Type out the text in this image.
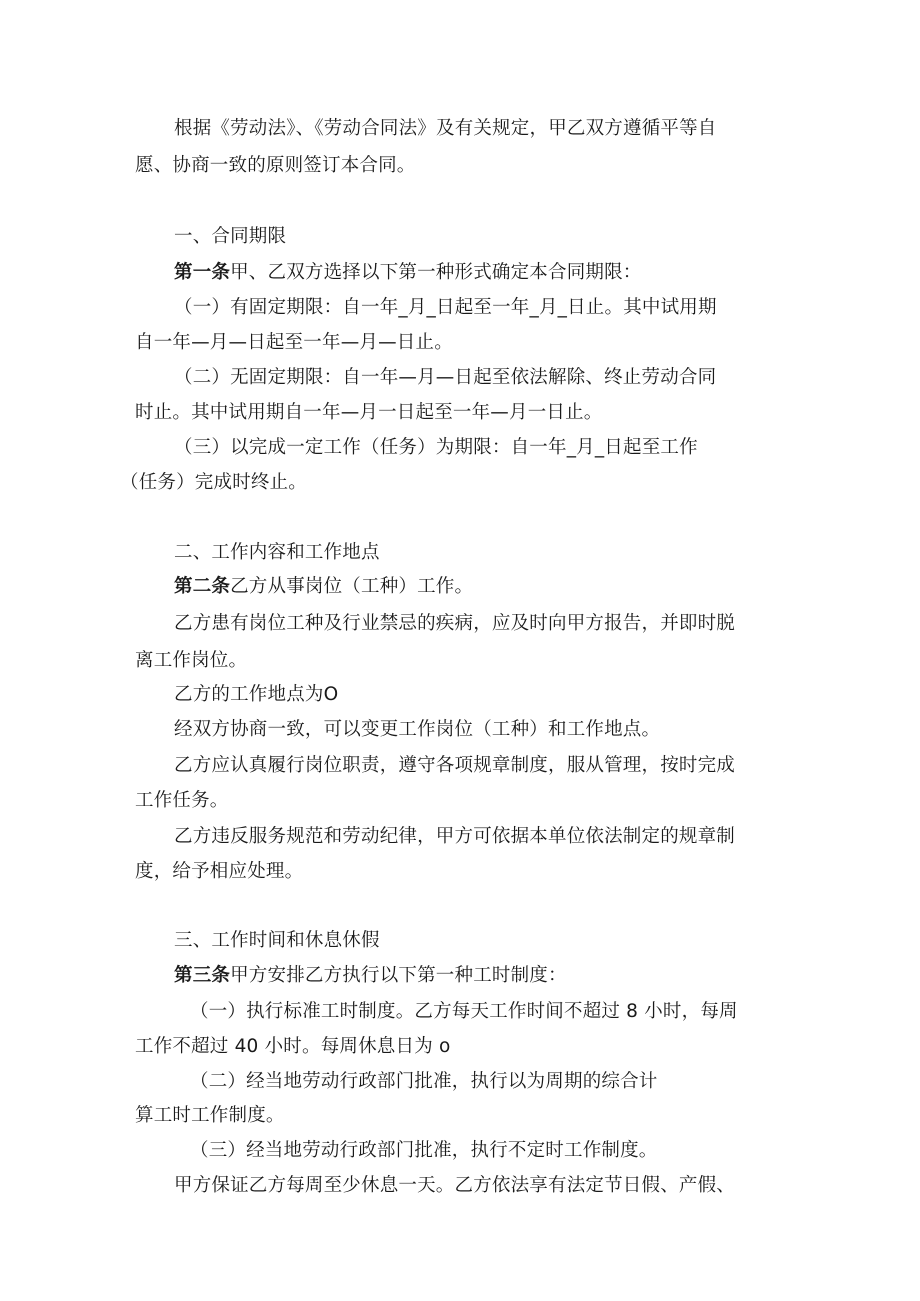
根据《劳动法》、《劳动合同法》及有关规定，甲乙双方遵循平等自
愿、协商一致的原则签订本合同。
一、合同期限
第一条甲、乙双方选择以下第一种形式确定本合同期限：
（一）有固定期限：自一年_月_日起至一年_月_日止。其中试用期
自一年—月—日起至一年—月—日止。
（二）无固定期限：自一年—月—日起至依法解除、终止劳动合同
时止。其中试用期自一年—月一日起至一年—月一日止。
（三）以完成一定工作（任务）为期限：自一年_月_日起至工作
（任务）完成时终止。
二、工作内容和工作地点
第二条乙方从事岗位（工种）工作。
乙方患有岗位工种及行业禁忌的疾病，应及时向甲方报告，并即时脱
离工作岗位。
乙方的工作地点为O
经双方协商一致，可以变更工作岗位（工种）和工作地点。
乙方应认真履行岗位职责，遵守各项规章制度，服从管理，按时完成
工作任务。
乙方违反服务规范和劳动纪律，甲方可依据本单位依法制定的规章制
度，给予相应处理。
三、工作时间和休息休假
第三条甲方安排乙方执行以下第一种工时制度：
（一）执行标准工时制度。乙方每天工作时间不超过 8 小时，每周
工作不超过 40 小时。每周休息日为 o
（二）经当地劳动行政部门批准，执行以为周期的综合计
算工时工作制度。
（三）经当地劳动行政部门批准，执行不定时工作制度。
甲方保证乙方每周至少休息一天。乙方依法享有法定节日假、产假、
